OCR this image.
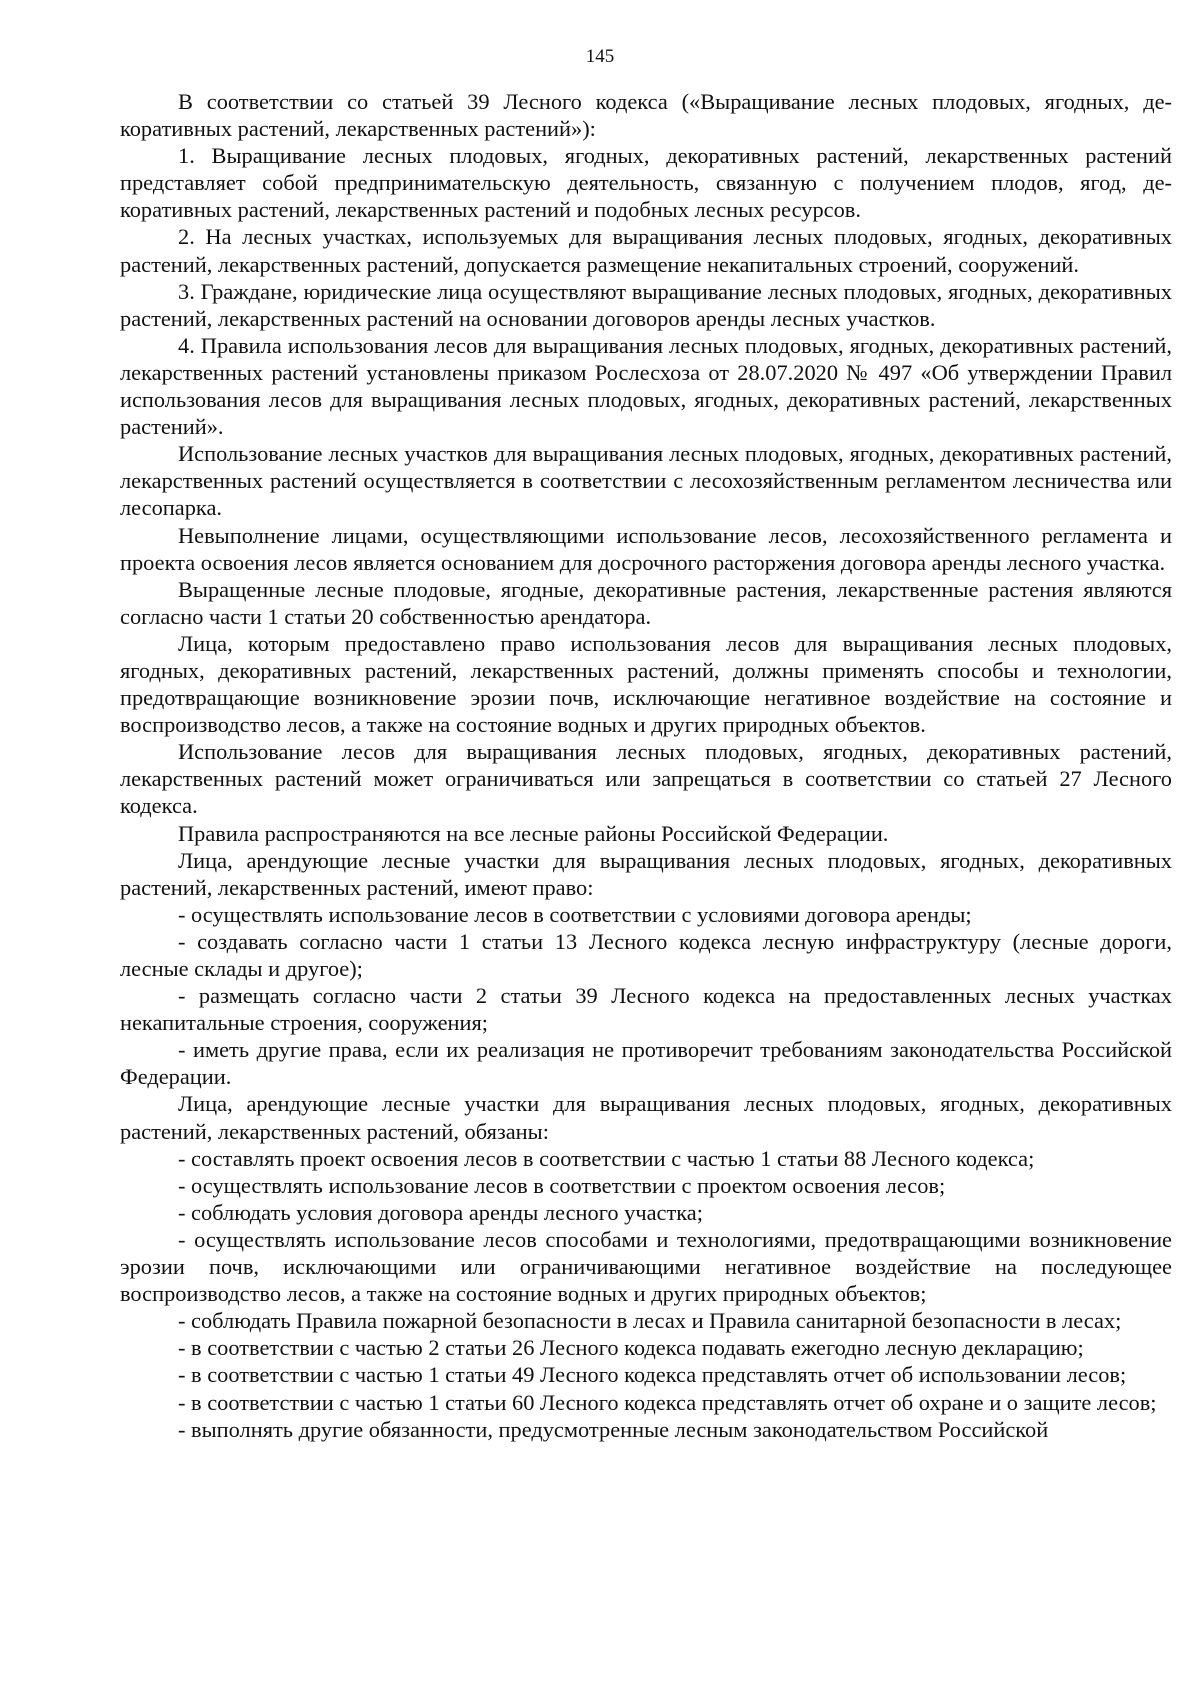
145

В соответствии со статьей 39 Лесного кодекса («Выращивание лесных плодовых, ягодных, декоративных растений, лекарственных растений»):

1. Выращивание лесных плодовых, ягодных, декоративных растений, лекарственных растений представляет собой предпринимательскую деятельность, связанную с получением плодов, ягод, декоративных растений, лекарственных растений и подобных лесных ресурсов.

2. На лесных участках, используемых для выращивания лесных плодовых, ягодных, декоративных растений, лекарственных растений, допускается размещение некапитальных строений, сооружений.

3. Граждане, юридические лица осуществляют выращивание лесных плодовых, ягодных, декоративных растений, лекарственных растений на основании договоров аренды лесных участков.

4. Правила использования лесов для выращивания лесных плодовых, ягодных, декоративных растений, лекарственных растений установлены приказом Рослесхоза от 28.07.2020 № 497 «Об утверждении Правил использования лесов для выращивания лесных плодовых, ягодных, декоративных растений, лекарственных растений».

Использование лесных участков для выращивания лесных плодовых, ягодных, декоративных растений, лекарственных растений осуществляется в соответствии с лесохозяйственным регламентом лесничества или лесопарка.

Невыполнение лицами, осуществляющими использование лесов, лесохозяйственного регламента и проекта освоения лесов является основанием для досрочного расторжения договора аренды лесного участка.

Выращенные лесные плодовые, ягодные, декоративные растения, лекарственные растения являются согласно части 1 статьи 20 собственностью арендатора.

Лица, которым предоставлено право использования лесов для выращивания лесных плодовых, ягодных, декоративных растений, лекарственных растений, должны применять способы и технологии, предотвращающие возникновение эрозии почв, исключающие негативное воздействие на состояние и воспроизводство лесов, а также на состояние водных и других природных объектов.

Использование лесов для выращивания лесных плодовых, ягодных, декоративных растений, лекарственных растений может ограничиваться или запрещаться в соответствии со статьей 27 Лесного кодекса.

Правила распространяются на все лесные районы Российской Федерации.

Лица, арендующие лесные участки для выращивания лесных плодовых, ягодных, декоративных растений, лекарственных растений, имеют право:

- осуществлять использование лесов в соответствии с условиями договора аренды;

- создавать согласно части 1 статьи 13 Лесного кодекса лесную инфраструктуру (лесные дороги, лесные склады и другое);

- размещать согласно части 2 статьи 39 Лесного кодекса на предоставленных лесных участках некапитальные строения, сооружения;

- иметь другие права, если их реализация не противоречит требованиям законодательства Российской Федерации.

Лица, арендующие лесные участки для выращивания лесных плодовых, ягодных, декоративных растений, лекарственных растений, обязаны:

- составлять проект освоения лесов в соответствии с частью 1 статьи 88 Лесного кодекса;

- осуществлять использование лесов в соответствии с проектом освоения лесов;

- соблюдать условия договора аренды лесного участка;

- осуществлять использование лесов способами и технологиями, предотвращающими возникновение эрозии почв, исключающими или ограничивающими негативное воздействие на последующее воспроизводство лесов, а также на состояние водных и других природных объектов;

- соблюдать Правила пожарной безопасности в лесах и Правила санитарной безопасности в лесах;

- в соответствии с частью 2 статьи 26 Лесного кодекса подавать ежегодно лесную декларацию;

- в соответствии с частью 1 статьи 49 Лесного кодекса представлять отчет об использовании лесов;

- в соответствии с частью 1 статьи 60 Лесного кодекса представлять отчет об охране и о защите лесов;

- выполнять другие обязанности, предусмотренные лесным законодательством Российской
